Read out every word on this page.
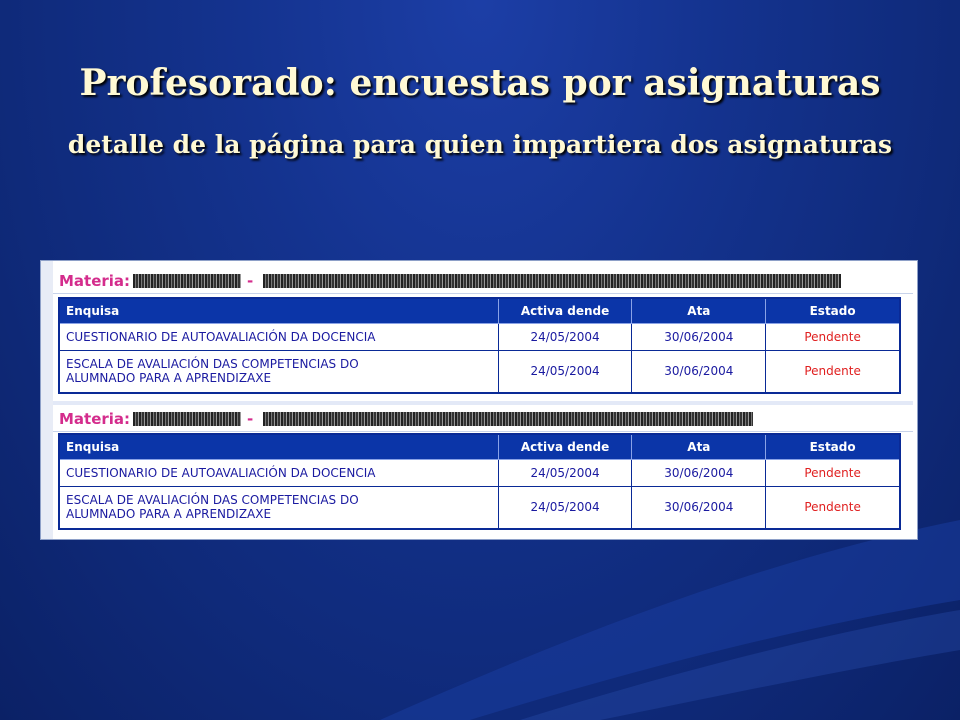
Profesorado: encuestas por asignaturas
detalle de la página para quien impartiera dos asignaturas
Materia:	-
Enquisa	Activa dende	Ata	Estado
CUESTIONARIO DE AUTOAVALIACIÓN DA DOCENCIA	24/05/2004	30/06/2004	Pendente

ESCALA DE AVALIACIÓN DAS COMPETENCIAS DO
ALUMNADO PARA A APRENDIZAXE	24/05/2004	30/06/2004	Pendente
Materia:	-
Enquisa	Activa dende	Ata	Estado
CUESTIONARIO DE AUTOAVALIACIÓN DA DOCENCIA	24/05/2004	30/06/2004	Pendente

ESCALA DE AVALIACIÓN DAS COMPETENCIAS DO
ALUMNADO PARA A APRENDIZAXE	24/05/2004	30/06/2004	Pendente
